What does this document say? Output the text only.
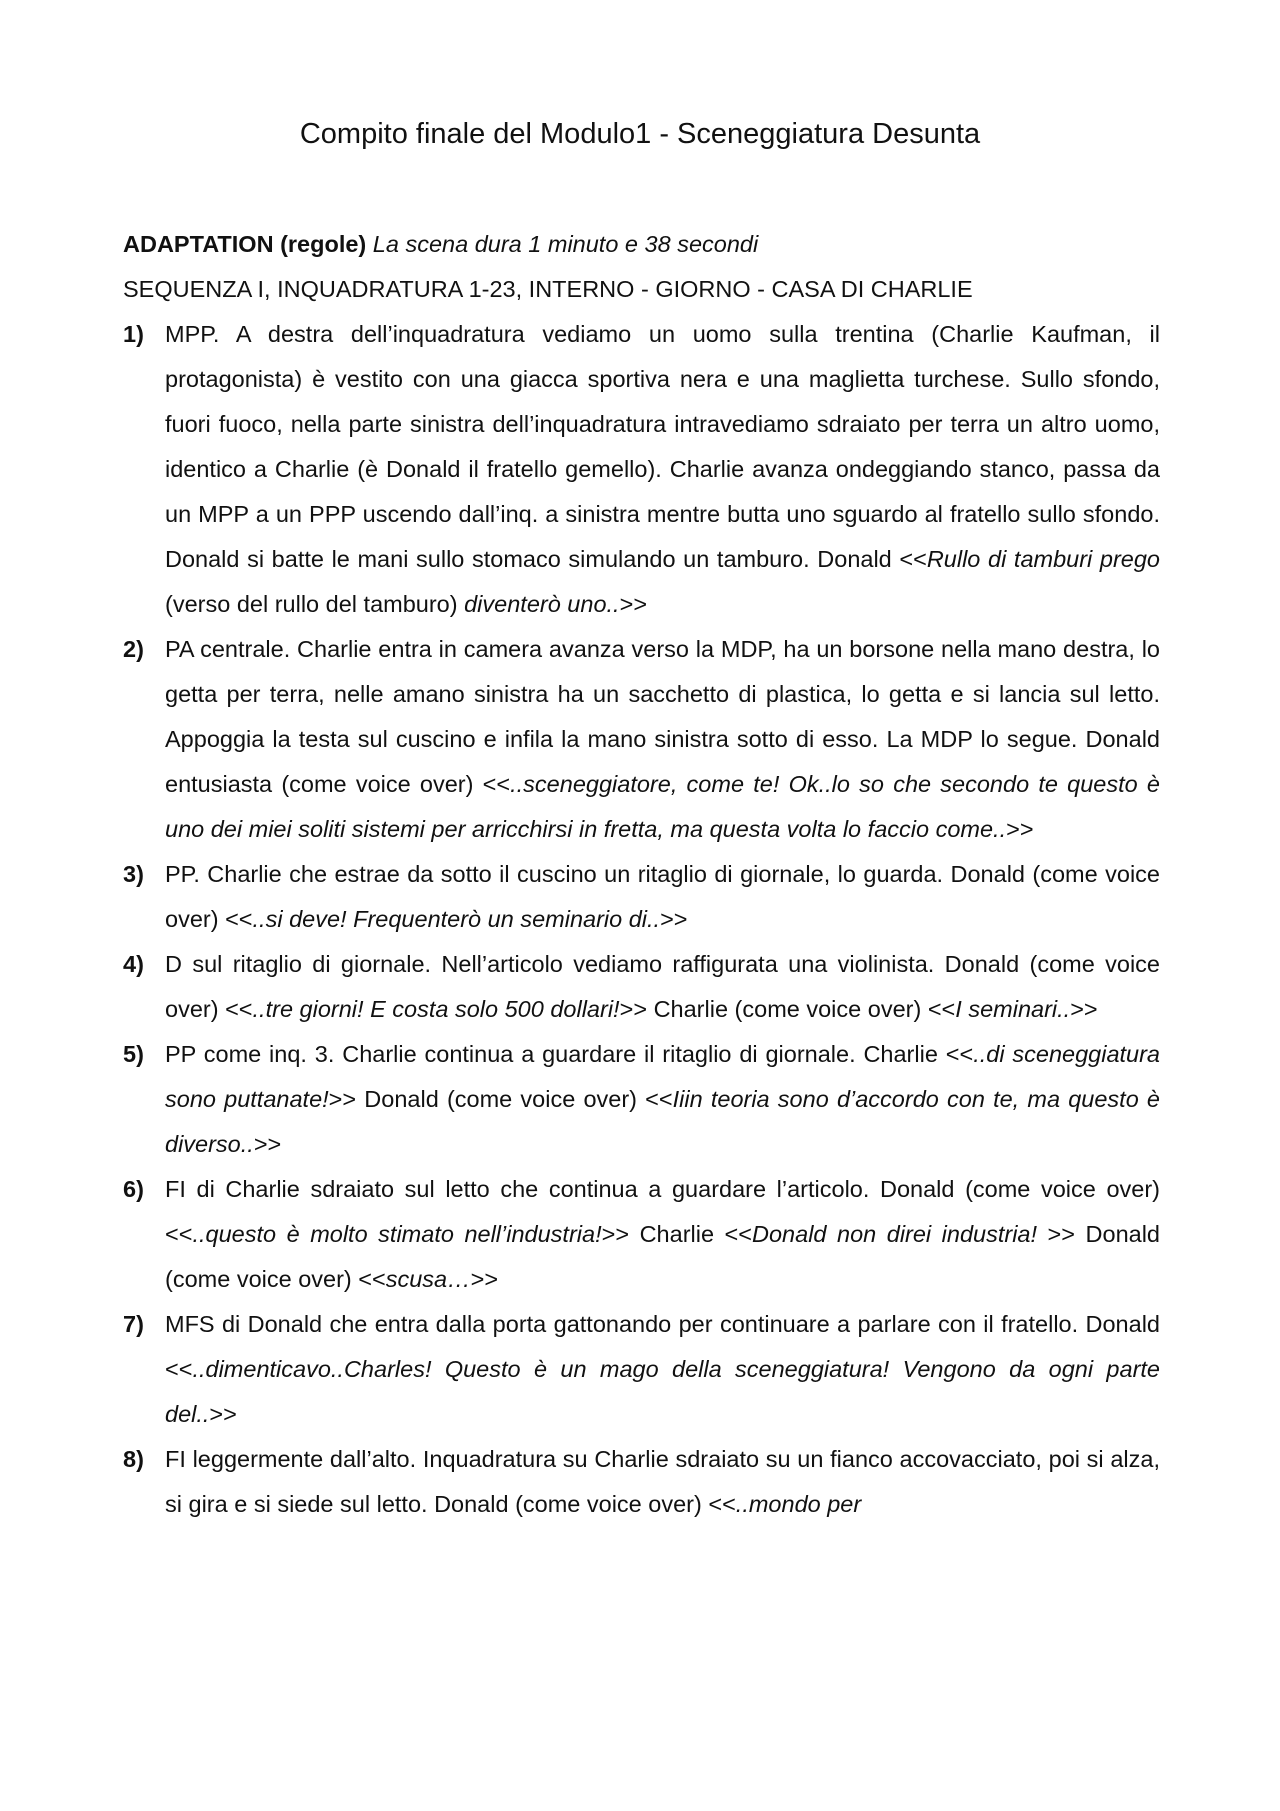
Compito finale del Modulo1 - Sceneggiatura Desunta

ADAPTATION (regole) La scena dura 1 minuto e 38 secondi

SEQUENZA I, INQUADRATURA 1-23, INTERNO - GIORNO - CASA DI CHARLIE

1) MPP. A destra dell’inquadratura vediamo un uomo sulla trentina (Charlie Kaufman, il protagonista) è vestito con una giacca sportiva nera e una maglietta turchese. Sullo sfondo, fuori fuoco, nella parte sinistra dell’inquadratura intravediamo sdraiato per terra un altro uomo, identico a Charlie (è Donald il fratello gemello). Charlie avanza ondeggiando stanco, passa da un MPP a un PPP uscendo dall’inq. a sinistra mentre butta uno sguardo al fratello sullo sfondo. Donald si batte le mani sullo stomaco simulando un tamburo. Donald <<Rullo di tamburi prego (verso del rullo del tamburo) diventerò uno..>>
2) PA centrale. Charlie entra in camera avanza verso la MDP, ha un borsone nella mano destra, lo getta per terra, nelle amano sinistra ha un sacchetto di plastica, lo getta e si lancia sul letto. Appoggia la testa sul cuscino e infila la mano sinistra sotto di esso. La MDP lo segue. Donald entusiasta (come voice over) <<..sceneggiatore, come te! Ok..lo so che secondo te questo è uno dei miei soliti sistemi per arricchirsi in fretta, ma questa volta lo faccio come..>>
3) PP. Charlie che estrae da sotto il cuscino un ritaglio di giornale, lo guarda. Donald (come voice over) <<..si deve! Frequenterò un seminario di..>>
4) D sul ritaglio di giornale. Nell’articolo vediamo raffigurata una violinista. Donald (come voice over) <<..tre giorni! E costa solo 500 dollari!>> Charlie (come voice over) <<I seminari..>>
5) PP come inq. 3. Charlie continua a guardare il ritaglio di giornale. Charlie <<..di sceneggiatura sono puttanate!>> Donald (come voice over) <<Iiin teoria sono d’accordo con te, ma questo è diverso..>>
6) FI di Charlie sdraiato sul letto che continua a guardare l’articolo. Donald (come voice over) <<..questo è molto stimato nell’industria!>> Charlie <<Donald non direi industria! >> Donald (come voice over) <<scusa…>>
7) MFS di Donald che entra dalla porta gattonando per continuare a parlare con il fratello. Donald <<..dimenticavo..Charles! Questo è un mago della sceneggiatura! Vengono da ogni parte del..>>
8) FI leggermente dall’alto. Inquadratura su Charlie sdraiato su un fianco accovacciato, poi si alza, si gira e si siede sul letto. Donald (come voice over) <<..mondo per
